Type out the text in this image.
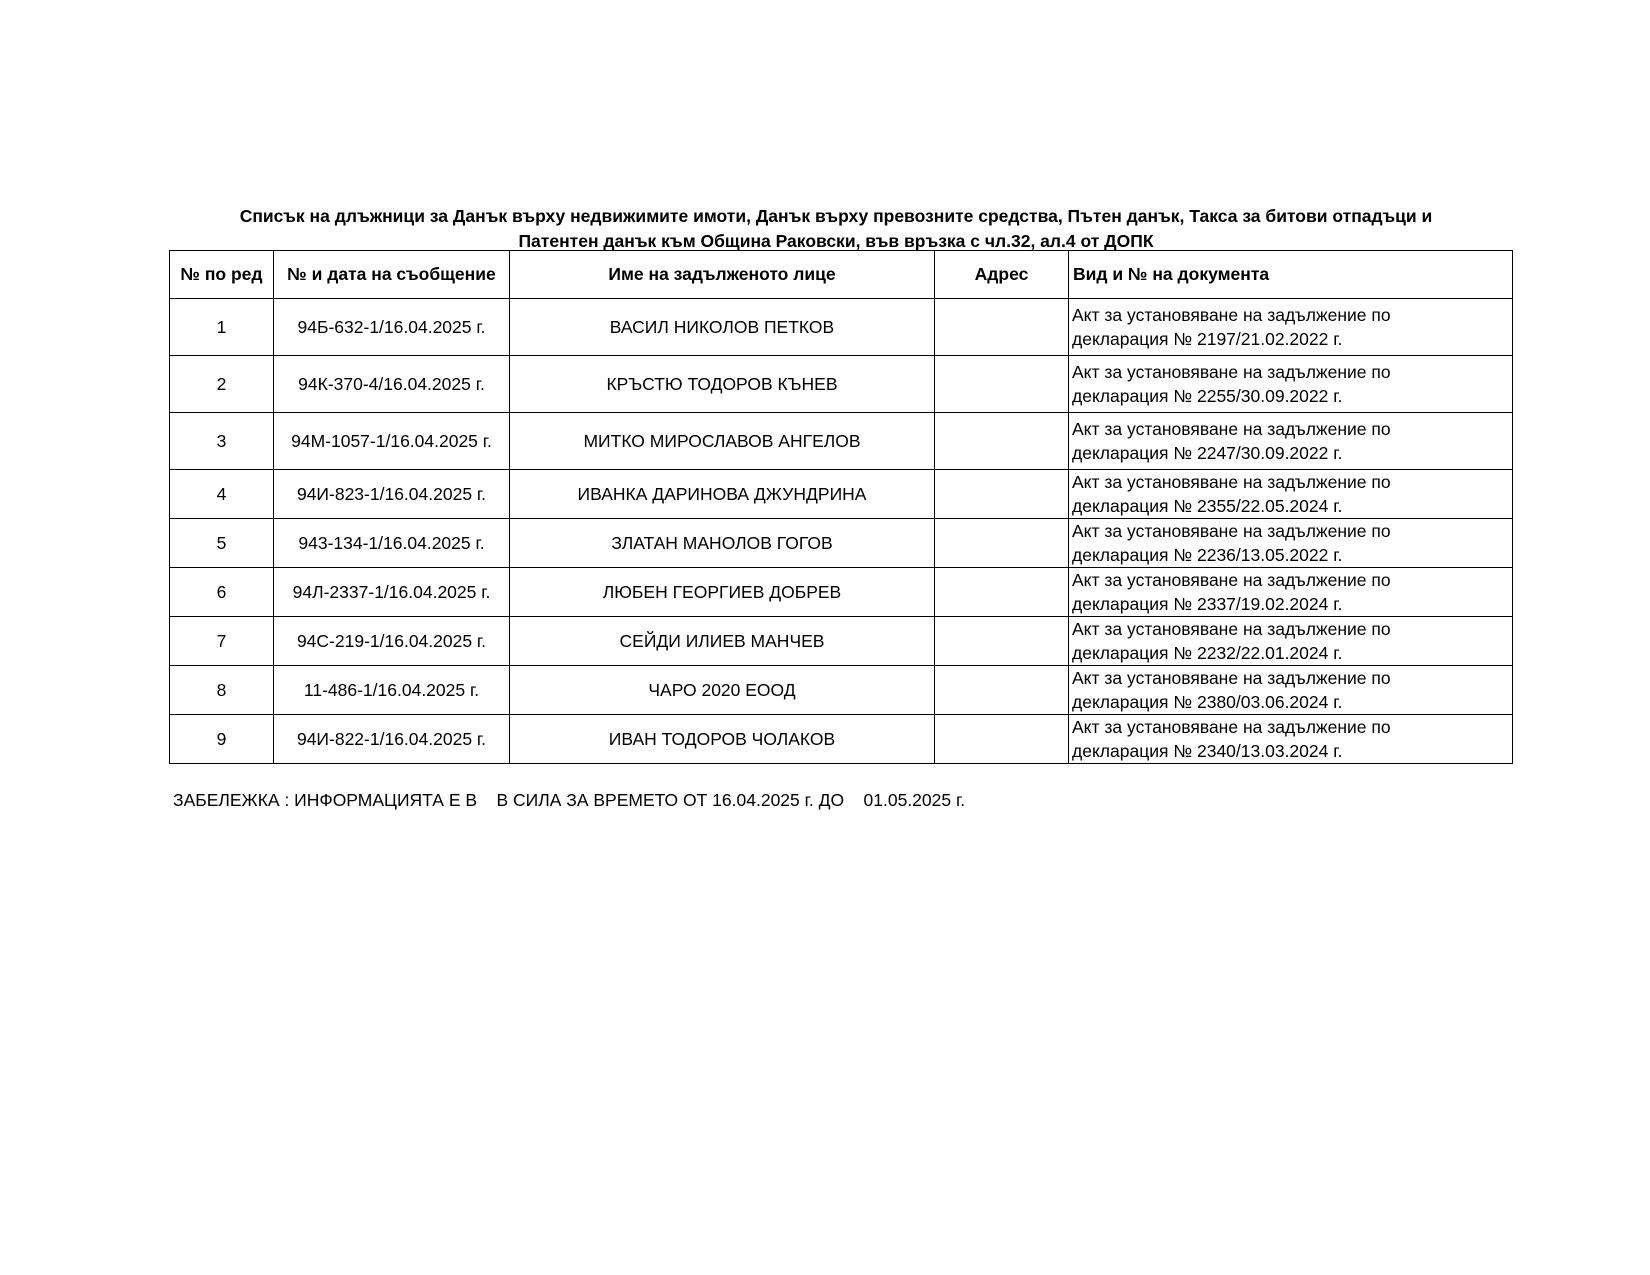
Списък на длъжници за Данък върху недвижимите имоти, Данък върху превозните средства, Пътен данък, Такса за битови отпадъци и
Патентен данък към Община Раковски, във връзка с чл.32, ал.4 от ДОПК
№ по ред	№ и дата на съобщение	Име на задълженото лице	Адрес	Вид и № на документа
1	94Б-632-1/16.04.2025 г.	ВАСИЛ НИКОЛОВ ПЕТКОВ		Акт за установяване на задължение по
декларация № 2197/21.02.2022 г.

2	94К-370-4/16.04.2025 г.	КРЪСТЮ ТОДОРОВ КЪНЕВ		Акт за установяване на задължение по
декларация № 2255/30.09.2022 г.

3	94М-1057-1/16.04.2025 г.	МИТКО МИРОСЛАВОВ АНГЕЛОВ		Акт за установяване на задължение по
декларация № 2247/30.09.2022 г.

4	94И-823-1/16.04.2025 г.	ИВАНКА ДАРИНОВА ДЖУНДРИНА		Акт за установяване на задължение по
декларация № 2355/22.05.2024 г.

5	943-134-1/16.04.2025 г.	ЗЛАТАН МАНОЛОВ ГОГОВ		Акт за установяване на задължение по
декларация № 2236/13.05.2022 г.

6	94Л-2337-1/16.04.2025 г.	ЛЮБЕН ГЕОРГИЕВ ДОБРЕВ		Акт за установяване на задължение по
декларация № 2337/19.02.2024 г.

7	94С-219-1/16.04.2025 г.	СЕЙДИ ИЛИЕВ МАНЧЕВ		Акт за установяване на задължение по
декларация № 2232/22.01.2024 г.

8	11-486-1/16.04.2025 г.	ЧАРО 2020 ЕООД		Акт за установяване на задължение по
декларация № 2380/03.06.2024 г.

9	94И-822-1/16.04.2025 г.	ИВАН ТОДОРОВ ЧОЛАКОВ		Акт за установяване на задължение по
декларация № 2340/13.03.2024 г.
ЗАБЕЛЕЖКА : ИНФОРМАЦИЯТА Е В В СИЛА ЗА ВРЕМЕТО ОТ 16.04.2025 г. ДО 01.05.2025 г.
